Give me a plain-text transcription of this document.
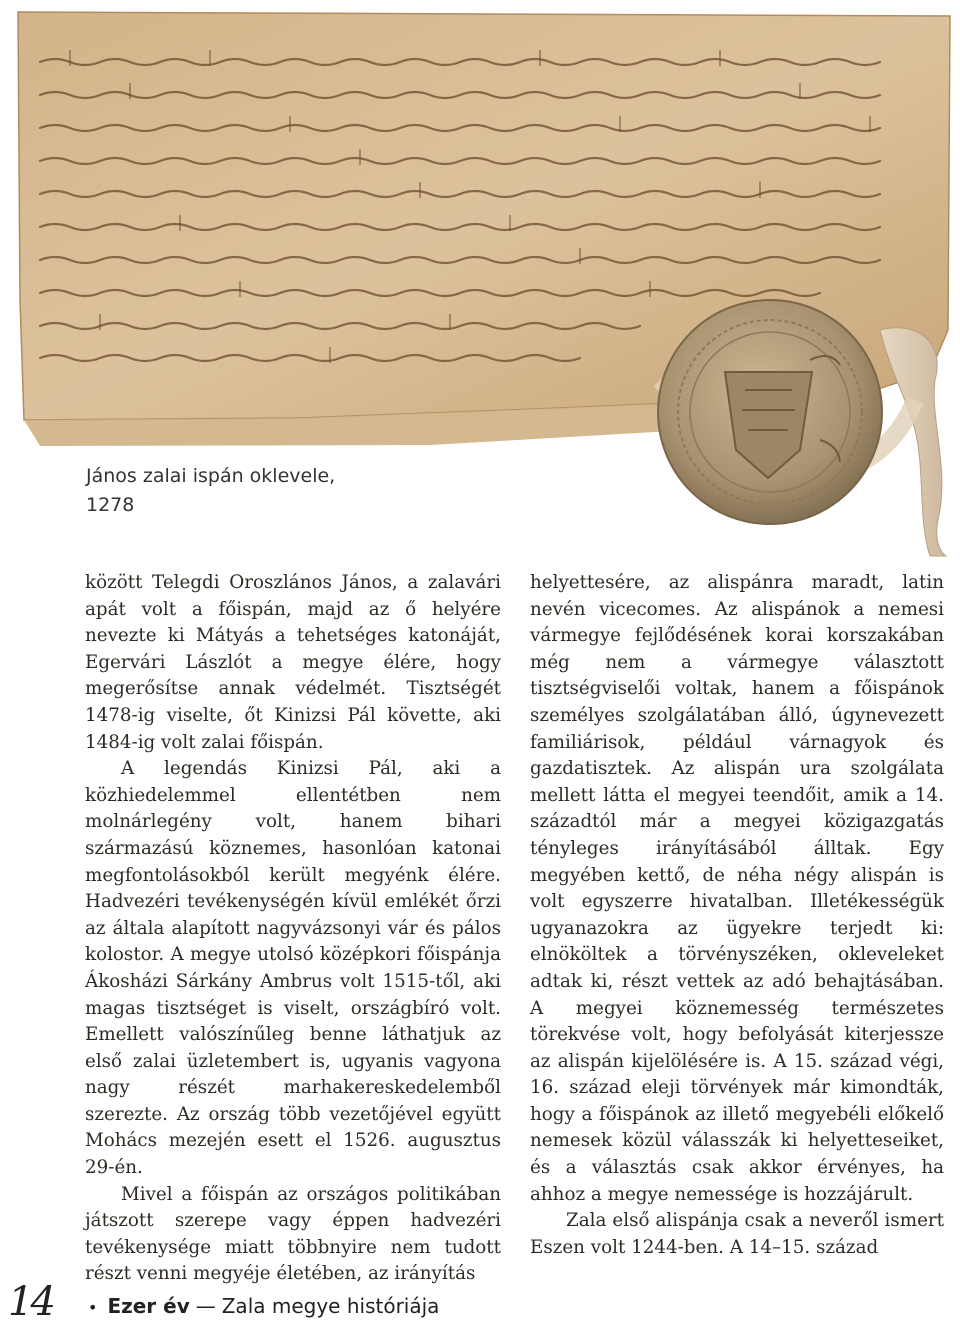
János zalai ispán oklevele,
1278

között Telegdi Oroszlános János, a zalavári apát volt a főispán, majd az ő helyére nevezte ki Mátyás a tehetséges katonáját, Egervári Lászlót a megye élére, hogy megerősítse annak védelmét. Tisztségét 1478-ig viselte, őt Kinizsi Pál követte, aki 1484-ig volt zalai főispán.

A legendás Kinizsi Pál, aki a közhiedelemmel ellentétben nem molnárlegény volt, hanem bihari származású köznemes, hasonlóan katonai megfontolásokból került megyénk élére. Hadvezéri tevékenységén kívül emlékét őrzi az általa alapított nagyvázsonyi vár és pálos kolostor. A megye utolsó középkori főispánja Ákosházi Sárkány Ambrus volt 1515-től, aki magas tisztséget is viselt, országbíró volt. Emellett valószínűleg benne láthatjuk az első zalai üzletembert is, ugyanis vagyona nagy részét marhakereskedelemből szerezte. Az ország több vezetőjével együtt Mohács mezején esett el 1526. augusztus 29-én.

Mivel a főispán az országos politikában játszott szerepe vagy éppen hadvezéri tevékenysége miatt többnyire nem tudott részt venni megyéje életében, az irányítás

helyettesére, az alispánra maradt, latin nevén vicecomes. Az alispánok a nemesi vármegye fejlődésének korai korszakában még nem a vármegye választott tisztségviselői voltak, hanem a főispánok személyes szolgálatában álló, úgynevezett familiárisok, például várnagyok és gazdatisztek. Az alispán ura szolgálata mellett látta el megyei teendőit, amik a 14. századtól már a megyei közigazgatás tényleges irányításából álltak. Egy megyében kettő, de néha négy alispán is volt egyszerre hivatalban. Illetékességük ugyanazokra az ügyekre terjedt ki: elnököltek a törvényszéken, okleveleket adtak ki, részt vettek az adó behajtásában. A megyei köznemesség természetes törekvése volt, hogy befolyását kiterjessze az alispán kijelölésére is. A 15. század végi, 16. század eleji törvények már kimondták, hogy a főispánok az illető megyebéli előkelő nemesek közül válasszák ki helyetteseiket, és a választás csak akkor érvényes, ha ahhoz a megye nemessége is hozzájárult.

Zala első alispánja csak a neveről ismert Eszen volt 1244-ben. A 14–15. század

14 • Ezer év — Zala megye históriája
